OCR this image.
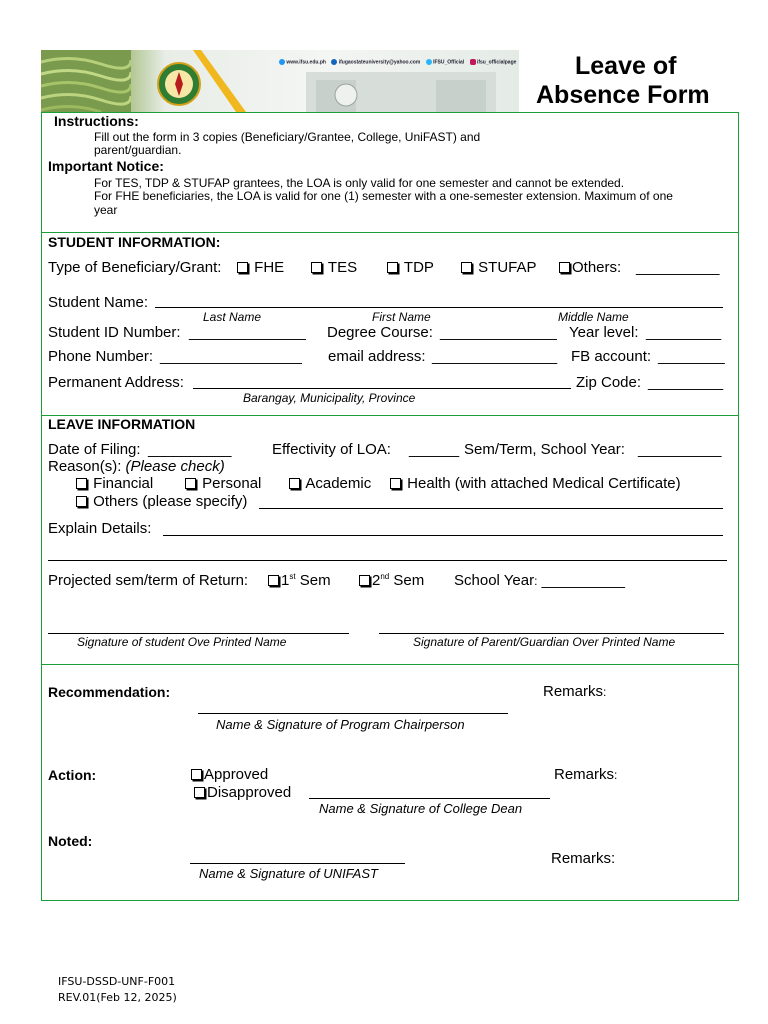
www.ifsu.edu.ph	ifugaostateuniversity@yahoo.com	IFSU_Official	ifsu_officialpage Leave of
Absence Form
Instructions:
Fill out the form in 3 copies (Beneficiary/Grantee, College, UniFAST) and
parent/guardian.
Important Notice:
For TES, TDP & STUFAP grantees, the LOA is only valid for one semester and cannot be extended.
For FHE beneficiaries, the LOA is valid for one (1) semester with a one-semester extension. Maximum of one
year
STUDENT INFORMATION:
Type of Beneficiary/Grant:	FHE	TES	TDP	STUFAP	Others: __________
Student Name:
Last Name	First Name	Middle Name
Student ID Number: ______________ Degree Course: ______________ Year level: _________
Phone Number: _________________ email address: _______________ FB account: ________
Permanent Address:	Zip Code: _________
Barangay, Municipality, Province
LEAVE INFORMATION
Date of Filing: __________	Effectivity of LOA: ______ Sem/Term, School Year: __________
Reason(s): (Please check)
Financial	Personal	Academic	Health (with attached Medical Certificate)
Others (please specify)
Explain Details:
Projected sem/term of Return:	1st Sem	2nd Sem School Year: __________
Signature of student Ove Printed Name	Signature of Parent/Guardian Over Printed Name
Recommendation:	Remarks:
Name & Signature of Program Chairperson
Action:	Approved
Disapproved
Remarks:
Name & Signature of College Dean
Noted:
Remarks:
Name & Signature of UNIFAST
IFSU-DSSD-UNF-F001
REV.01(Feb 12, 2025)
